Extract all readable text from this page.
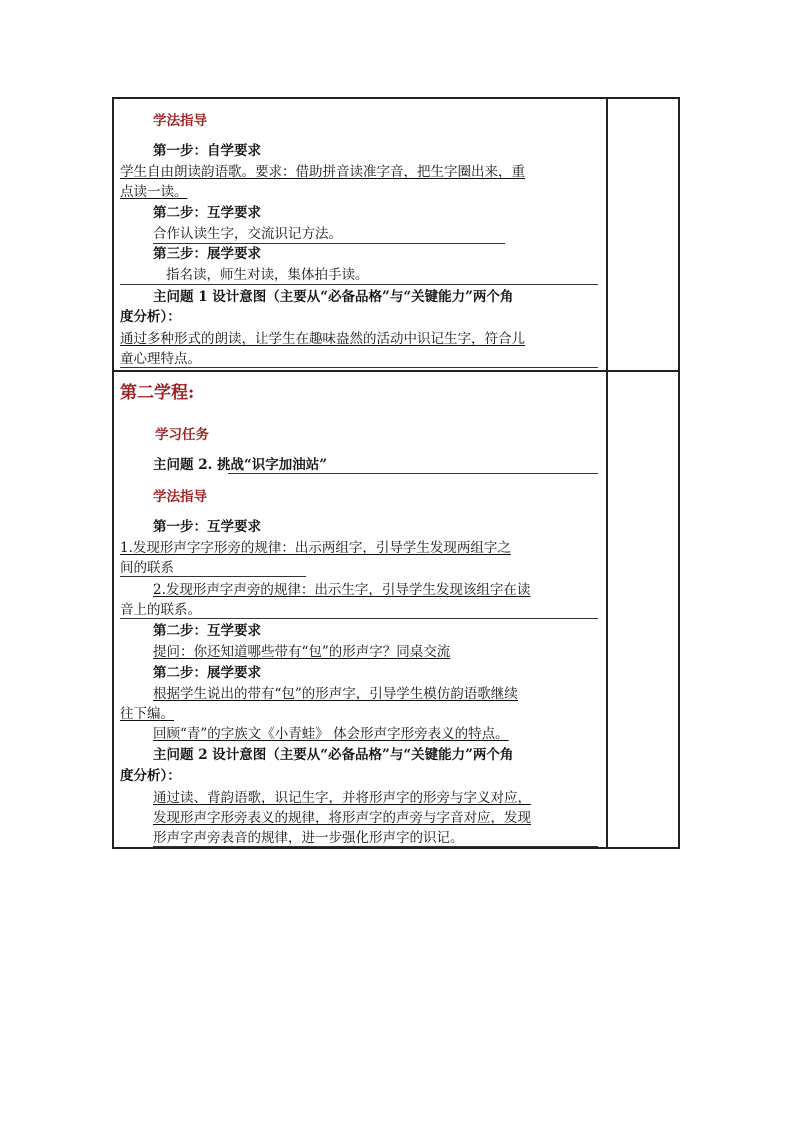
学法指导
第一步：自学要求
学生自由朗读韵语歌。要求：借助拼音读准字音，把生字圈出来，重
点读一读。
第二步：互学要求
合作认读生字，交流识记方法。
第三步：展学要求
指名读，师生对读，集体拍手读。
主问题 1 设计意图（主要从“必备品格”与“关键能力”两个角
度分析）：
通过多种形式的朗读，让学生在趣味盎然的活动中识记生字，符合儿
童心理特点。
第二学程:
学习任务
主问题 2. 挑战“识字加油站”
学法指导
第一步：互学要求
1.发现形声字字形旁的规律：出示两组字，引导学生发现两组字之
间的联系
2.发现形声字声旁的规律：出示生字，引导学生发现该组字在读
音上的联系。
第二步：互学要求
提问：你还知道哪些带有“包”的形声字？同桌交流
第二步：展学要求
根据学生说出的带有“包”的形声字，引导学生模仿韵语歌继续
往下编。
回顾“青”的字族文《小青蛙》 体会形声字形旁表义的特点。
主问题 2 设计意图（主要从“必备品格”与“关键能力”两个角
度分析）：
通过读、背韵语歌，识记生字，并将形声字的形旁与字义对应，
发现形声字形旁表义的规律，将形声字的声旁与字音对应，发现
形声字声旁表音的规律，进一步强化形声字的识记。
